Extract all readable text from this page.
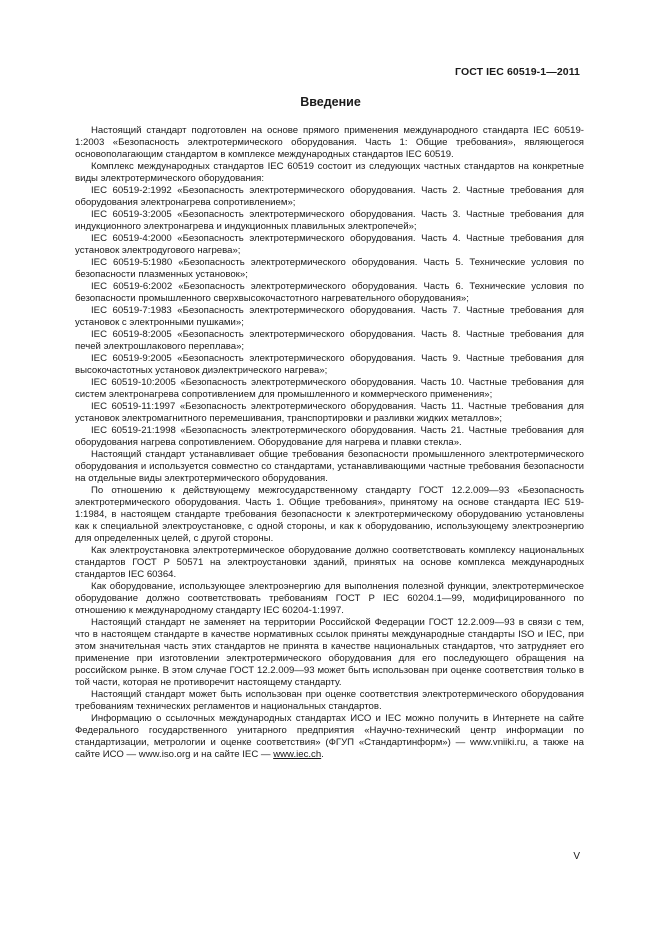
ГОСТ IEC 60519-1—2011
Введение

Настоящий стандарт подготовлен на основе прямого применения международного стандарта IEC 60519-1:2003 «Безопасность электротермического оборудования. Часть 1: Общие требования», являющегося основополагающим стандартом в комплексе международных стандартов IEC 60519.

Комплекс международных стандартов IEC 60519 состоит из следующих частных стандартов на конкретные виды электротермического оборудования:

IEC 60519-2:1992 «Безопасность электротермического оборудования. Часть 2. Частные требования для оборудования электронагрева сопротивлением»;

IEC 60519-3:2005 «Безопасность электротермического оборудования. Часть 3. Частные требования для индукционного электронагрева и индукционных плавильных электропечей»;

IEC 60519-4:2000 «Безопасность электротермического оборудования. Часть 4. Частные требования для установок электродугового нагрева»;

IEC 60519-5:1980 «Безопасность электротермического оборудования. Часть 5. Технические условия по безопасности плазменных установок»;

IEC 60519-6:2002 «Безопасность электротермического оборудования. Часть 6. Технические условия по безопасности промышленного сверхвысокочастотного нагревательного оборудования»;

IEC 60519-7:1983 «Безопасность электротермического оборудования. Часть 7. Частные требования для установок с электронными пушками»;

IEC 60519-8:2005 «Безопасность электротермического оборудования. Часть 8. Частные требования для печей электрошлакового переплава»;

IEC 60519-9:2005 «Безопасность электротермического оборудования. Часть 9. Частные требования для высокочастотных установок диэлектрического нагрева»;

IEC 60519-10:2005 «Безопасность электротермического оборудования. Часть 10. Частные требования для систем электронагрева сопротивлением для промышленного и коммерческого применения»;

IEC 60519-11:1997 «Безопасность электротермического оборудования. Часть 11. Частные требования для установок электромагнитного перемешивания, транспортировки и разливки жидких металлов»;

IEC 60519-21:1998 «Безопасность электротермического оборудования. Часть 21. Частные требования для оборудования нагрева сопротивлением. Оборудование для нагрева и плавки стекла».

Настоящий стандарт устанавливает общие требования безопасности промышленного электротермического оборудования и используется совместно со стандартами, устанавливающими частные требования безопасности на отдельные виды электротермического оборудования.

По отношению к действующему межгосударственному стандарту ГОСТ 12.2.009—93 «Безопасность электротермического оборудования. Часть 1. Общие требования», принятому на основе стандарта IEC 519-1:1984, в настоящем стандарте требования безопасности к электротермическому оборудованию установлены как к специальной электроустановке, с одной стороны, и как к оборудованию, использующему электроэнергию для определенных целей, с другой стороны.

Как электроустановка электротермическое оборудование должно соответствовать комплексу национальных стандартов ГОСТ Р 50571 на электроустановки зданий, принятых на основе комплекса международных стандартов IEC 60364.

Как оборудование, использующее электроэнергию для выполнения полезной функции, электротермическое оборудование должно соответствовать требованиям ГОСТ Р IEC 60204.1—99, модифицированного по отношению к международному стандарту IEC 60204-1:1997.

Настоящий стандарт не заменяет на территории Российской Федерации ГОСТ 12.2.009—93 в связи с тем, что в настоящем стандарте в качестве нормативных ссылок приняты международные стандарты ISO и IEC, при этом значительная часть этих стандартов не принята в качестве национальных стандартов, что затрудняет его применение при изготовлении электротермического оборудования для его последующего обращения на российском рынке. В этом случае ГОСТ 12.2.009—93 может быть использован при оценке соответствия только в той части, которая не противоречит настоящему стандарту.

Настоящий стандарт может быть использован при оценке соответствия электротермического оборудования требованиям технических регламентов и национальных стандартов.

Информацию о ссылочных международных стандартах ИСО и IEC можно получить в Интернете на сайте Федерального государственного унитарного предприятия «Научно-технический центр информации по стандартизации, метрологии и оценке соответствия» (ФГУП «Стандартинформ») — www.vniiki.ru, а также на сайте ИСО — www.iso.org и на сайте IEC — www.iec.ch.

V
